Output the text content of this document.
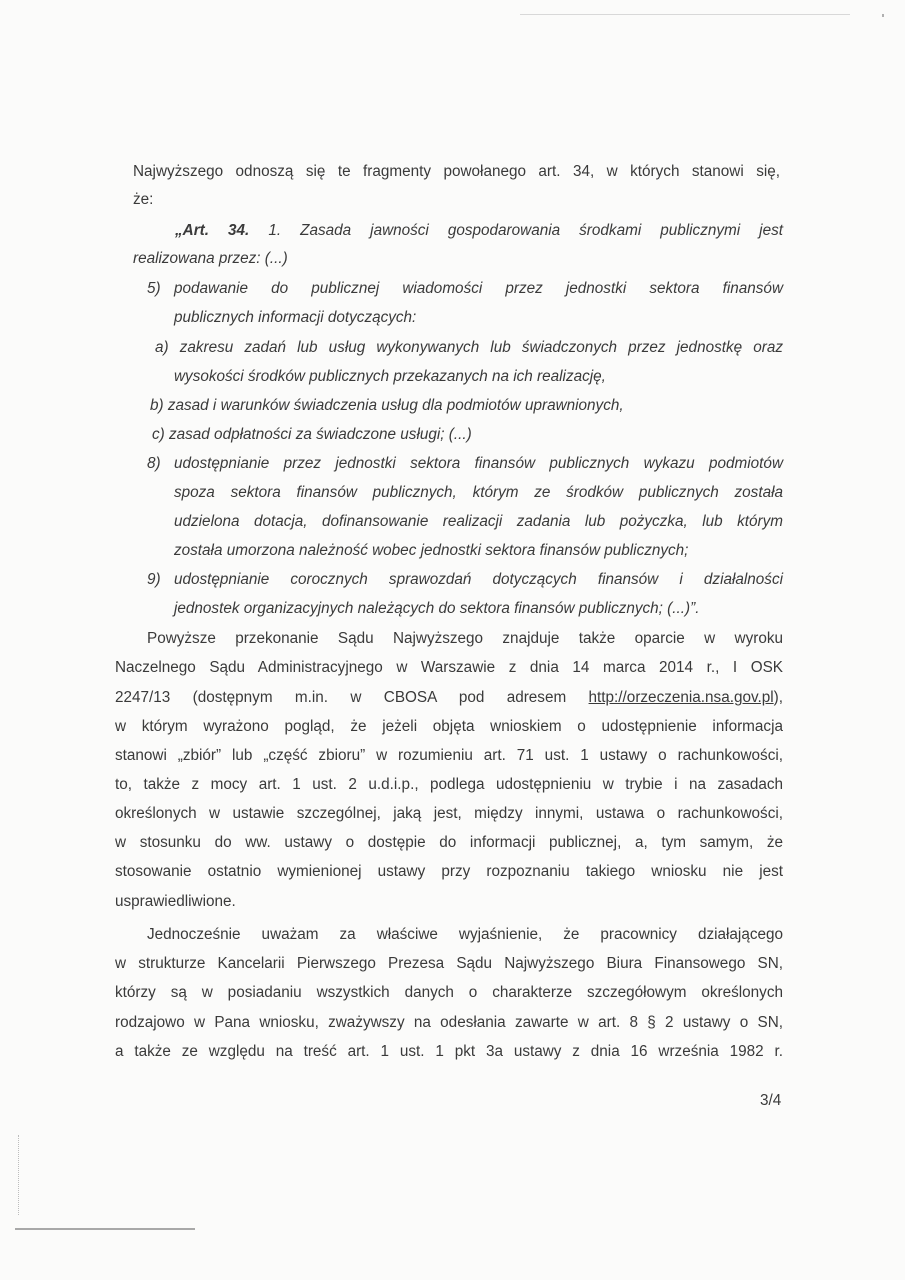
Najwyższego odnoszą się te fragmenty powołanego art. 34, w których stanowi się,
że:
„Art. 34. 1. Zasada jawności gospodarowania środkami publicznymi jest
realizowana przez: (...)
5) podawanie do publicznej wiadomości przez jednostki sektora finansów
publicznych informacji dotyczących:
a) zakresu zadań lub usług wykonywanych lub świadczonych przez jednostkę oraz
wysokości środków publicznych przekazanych na ich realizację,
b) zasad i warunków świadczenia usług dla podmiotów uprawnionych,
c) zasad odpłatności za świadczone usługi; (...)
8) udostępnianie przez jednostki sektora finansów publicznych wykazu podmiotów
spoza sektora finansów publicznych, którym ze środków publicznych została
udzielona dotacja, dofinansowanie realizacji zadania lub pożyczka, lub którym
została umorzona należność wobec jednostki sektora finansów publicznych;
9) udostępnianie corocznych sprawozdań dotyczących finansów i działalności
jednostek organizacyjnych należących do sektora finansów publicznych; (...)”.
Powyższe przekonanie Sądu Najwyższego znajduje także oparcie w wyroku
Naczelnego Sądu Administracyjnego w Warszawie z dnia 14 marca 2014 r., I OSK
2247/13 (dostępnym m.in. w CBOSA pod adresem http://orzeczenia.nsa.gov.pl),
w którym wyrażono pogląd, że jeżeli objęta wnioskiem o udostępnienie informacja
stanowi „zbiór” lub „część zbioru” w rozumieniu art. 71 ust. 1 ustawy o rachunkowości,
to, także z mocy art. 1 ust. 2 u.d.i.p., podlega udostępnieniu w trybie i na zasadach
określonych w ustawie szczególnej, jaką jest, między innymi, ustawa o rachunkowości,
w stosunku do ww. ustawy o dostępie do informacji publicznej, a, tym samym, że
stosowanie ostatnio wymienionej ustawy przy rozpoznaniu takiego wniosku nie jest
usprawiedliwione.
Jednocześnie uważam za właściwe wyjaśnienie, że pracownicy działającego
w strukturze Kancelarii Pierwszego Prezesa Sądu Najwyższego Biura Finansowego SN,
którzy są w posiadaniu wszystkich danych o charakterze szczegółowym określonych
rodzajowo w Pana wniosku, zważywszy na odesłania zawarte w art. 8 § 2 ustawy o SN,
a także ze względu na treść art. 1 ust. 1 pkt 3a ustawy z dnia 16 września 1982 r.
3/4
